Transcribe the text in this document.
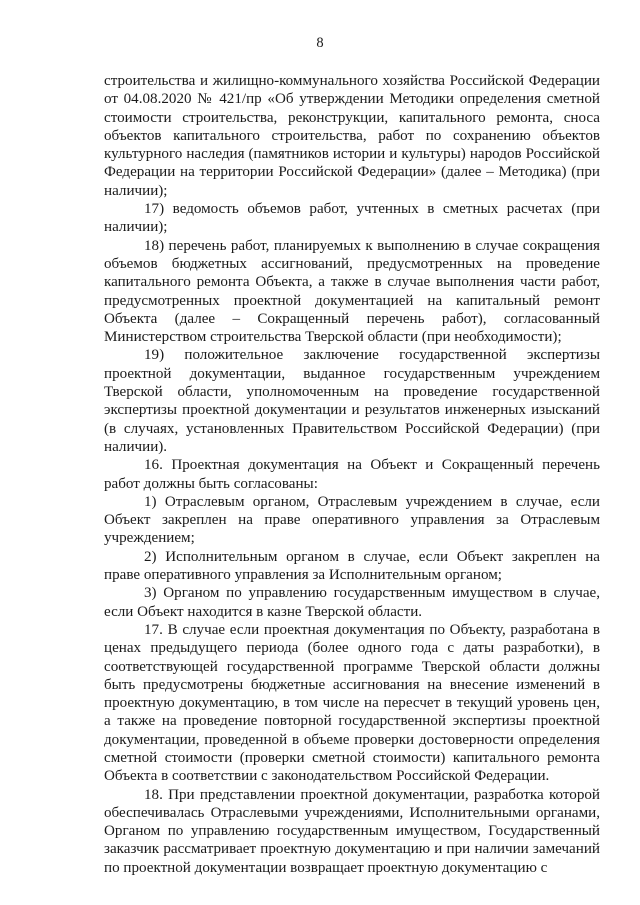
8

строительства и жилищно-коммунального хозяйства Российской Федерации от 04.08.2020 № 421/пр «Об утверждении Методики определения сметной стоимости строительства, реконструкции, капитального ремонта, сноса объектов капитального строительства, работ по сохранению объектов культурного наследия (памятников истории и культуры) народов Российской Федерации на территории Российской Федерации» (далее – Методика) (при наличии);

17) ведомость объемов работ, учтенных в сметных расчетах (при наличии);

18) перечень работ, планируемых к выполнению в случае сокращения объемов бюджетных ассигнований, предусмотренных на проведение капитального ремонта Объекта, а также в случае выполнения части работ, предусмотренных проектной документацией на капитальный ремонт Объекта (далее – Сокращенный перечень работ), согласованный Министерством строительства Тверской области (при необходимости);

19) положительное заключение государственной экспертизы проектной документации, выданное государственным учреждением Тверской области, уполномоченным на проведение государственной экспертизы проектной документации и результатов инженерных изысканий (в случаях, установленных Правительством Российской Федерации) (при наличии).

16. Проектная документация на Объект и Сокращенный перечень работ должны быть согласованы:

1) Отраслевым органом, Отраслевым учреждением в случае, если Объект закреплен на праве оперативного управления за Отраслевым учреждением;

2) Исполнительным органом в случае, если Объект закреплен на праве оперативного управления за Исполнительным органом;

3) Органом по управлению государственным имуществом в случае, если Объект находится в казне Тверской области.

17. В случае если проектная документация по Объекту, разработана в ценах предыдущего периода (более одного года с даты разработки), в соответствующей государственной программе Тверской области должны быть предусмотрены бюджетные ассигнования на внесение изменений в проектную документацию, в том числе на пересчет в текущий уровень цен, а также на проведение повторной государственной экспертизы проектной документации, проведенной в объеме проверки достоверности определения сметной стоимости (проверки сметной стоимости) капитального ремонта Объекта в соответствии с законодательством Российской Федерации.

18. При представлении проектной документации, разработка которой обеспечивалась Отраслевыми учреждениями, Исполнительными органами, Органом по управлению государственным имуществом, Государственный заказчик рассматривает проектную документацию и при наличии замечаний по проектной документации возвращает проектную документацию с
